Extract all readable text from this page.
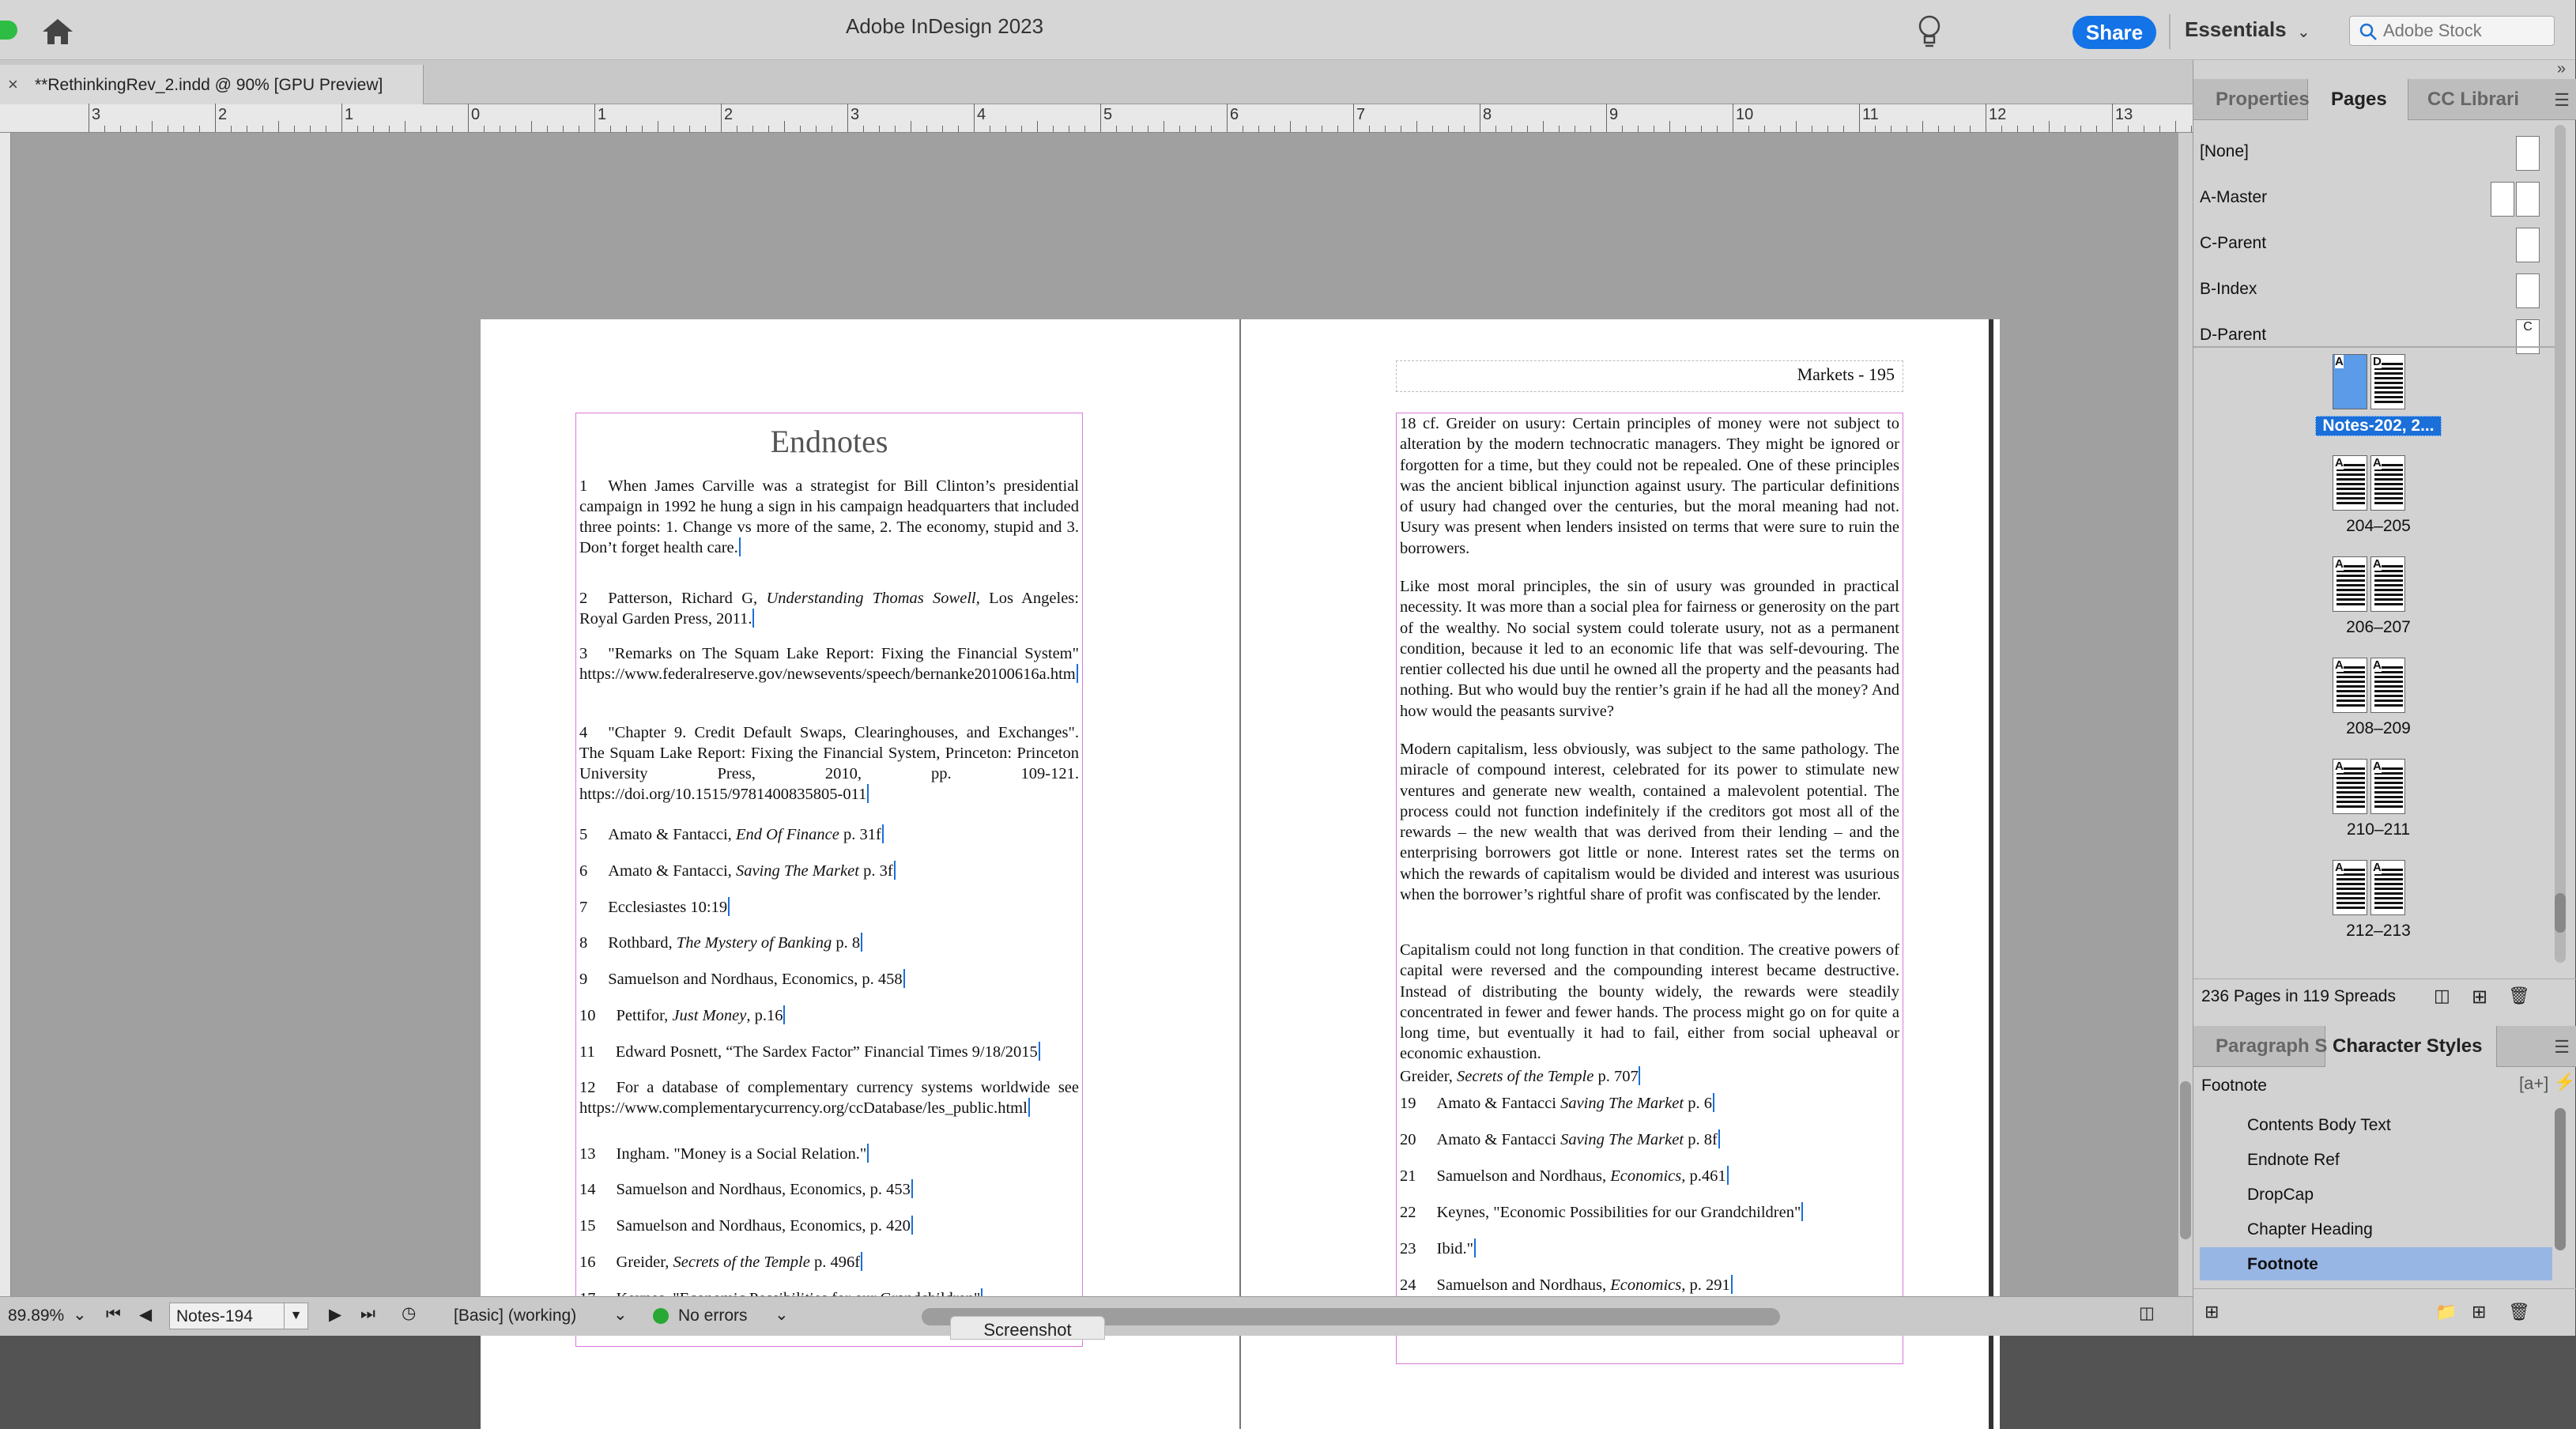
Adobe InDesign 2023	Share	Essentials ⌄
Adobe Stock
× **RethinkingRev_2.indd @ 90% [GPU Preview]
3	2	1	0	1	2	3	4	5	6	7	8	9	10	11	12	13
Endnotes
1 When James Carville was a strategist for Bill Clinton’s presidential campaign in 1992 he hung a sign in his campaign headquarters that included three points: 1. Change vs more of the same, 2. The economy, stupid and 3. Don’t forget health care.
2 Patterson, Richard G, Understanding Thomas Sowell, Los Angeles: Royal Garden Press, 2011.
3 "Remarks on The Squam Lake Report: Fixing the Financial System" https://www.federalreserve.gov/newsevents/speech/bernanke20100616a.htm
4 "Chapter 9. Credit Default Swaps, Clearinghouses, and Exchanges". The Squam Lake Report: Fixing the Financial System, Princeton: Princeton University Press, 2010, pp. 109-121. https://doi.org/10.1515/9781400835805-011
5 Amato & Fantacci, End Of Finance p. 31f
6 Amato & Fantacci, Saving The Market p. 3f
7 Ecclesiastes 10:19
8 Rothbard, The Mystery of Banking p. 8
9 Samuelson and Nordhaus, Economics, p. 458
10 Pettifor, Just Money, p.16
11 Edward Posnett, “The Sardex Factor” Financial Times 9/18/2015
12 For a database of complementary currency systems worldwide see https://www.complementarycurrency.org/ccDatabase/les_public.html
13 Ingham. "Money is a Social Relation."
14 Samuelson and Nordhaus, Economics, p. 453
15 Samuelson and Nordhaus, Economics, p. 420
16 Greider, Secrets of the Temple p. 496f
Markets - 195
18 cf. Greider on usury: Certain principles of money were not subject to alteration by the modern technocratic managers. They might be ignored or forgotten for a time, but they could not be repealed. One of these principles was the ancient biblical injunction against usury. The particular definitions of usury had changed over the centuries, but the moral meaning had not. Usury was present when lenders insisted on terms that were sure to ruin the borrowers.
Like most moral principles, the sin of usury was grounded in practical necessity. It was more than a social plea for fairness or generosity on the part of the wealthy. No social system could tolerate usury, not as a permanent condition, because it led to an economic life that was self-devouring. The rentier collected his due until he owned all the property and the peasants had nothing. But who would buy the rentier’s grain if he had all the money? And how would the peasants survive?
Modern capitalism, less obviously, was subject to the same pathology. The miracle of compound interest, celebrated for its power to stimulate new ventures and generate new wealth, contained a malevolent potential. The process could not function indefinitely if the creditors got most all of the rewards – the new wealth that was derived from their lending – and the enterprising borrowers got little or none. Interest rates set the terms on which the rewards of capitalism would be divided and interest was usurious when the borrower’s rightful share of profit was confiscated by the lender.
Capitalism could not long function in that condition. The creative powers of capital were reversed and the compounding interest became destructive. Instead of distributing the bounty widely, the rewards were steadily concentrated in fewer and fewer hands. The process might go on for quite a long time, but eventually it had to fail, either from social upheaval or economic exhaustion.
Greider, Secrets of the Temple p. 707
19 Amato & Fantacci Saving The Market p. 6
20 Amato & Fantacci Saving The Market p. 8f
21 Samuelson and Nordhaus, Economics, p.461
22 Keynes, "Economic Possibilities for our Grandchildren"
23 Ibid."
24 Samuelson and Nordhaus, Economics, p. 291
89.89% ⌄ ⏮ ◀ Notes-194	▼	▶ ⏭ ◷ [Basic] (working) ⌄	No errors ⌄
Screenshot
◫
»
Properties Pages CC Librari ☰
[None]
A-Master
C-Parent
B-Index
D-Parent	C
A D
Notes-202, 2...
A A
204–205
A A
206–207
A A
208–209
A A
210–211
A A
212–213
236 Pages in 119 Spreads ◫ ⊞ 🗑
Paragraph S Character Styles	☰
Footnote	[a+] ⚡
Contents Body Text
Endnote Ref
DropCap
Chapter Heading
Footnote
⊞	📁 ⊞ 🗑
